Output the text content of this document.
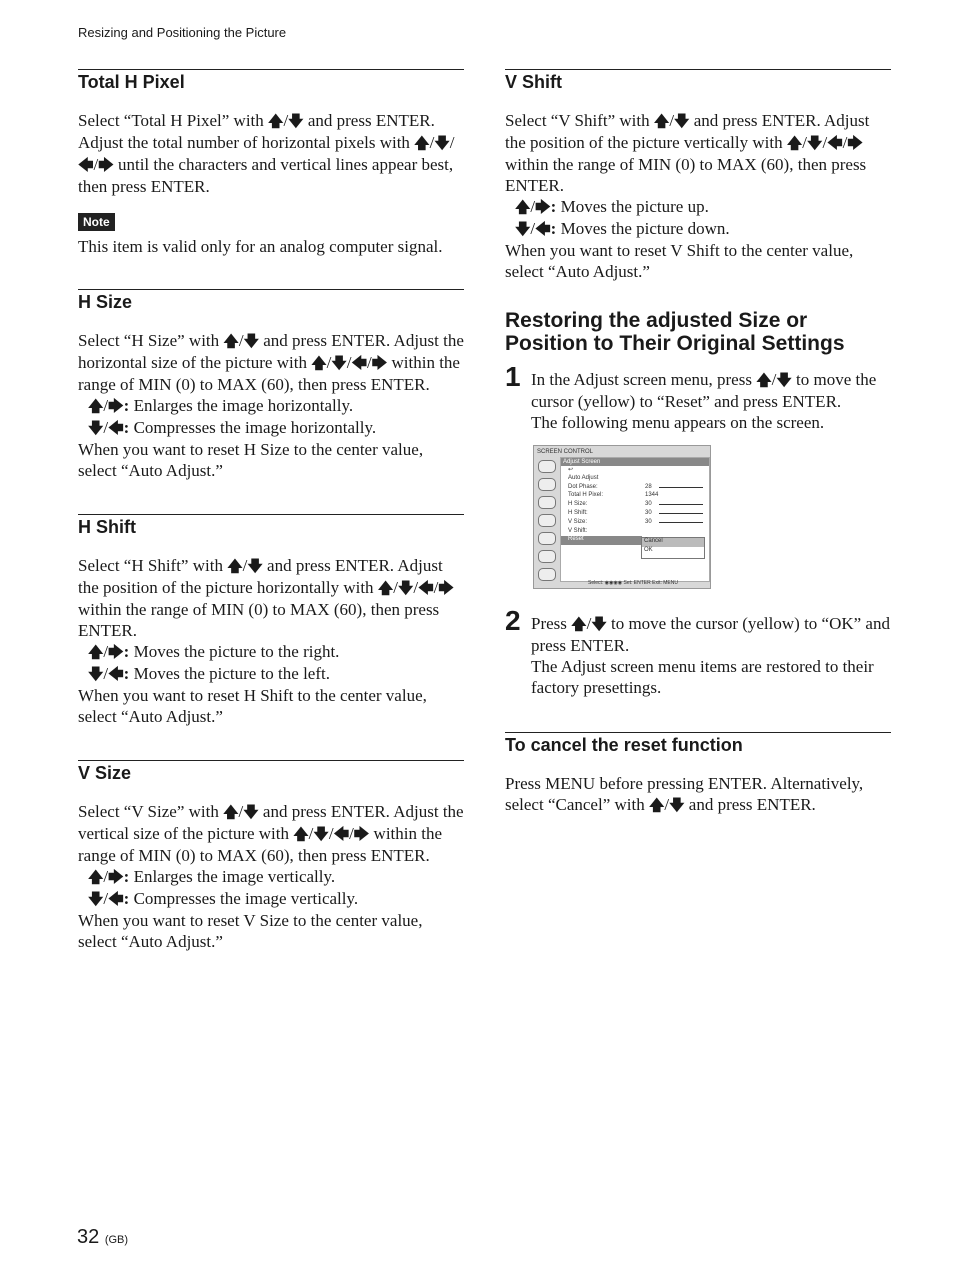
Resizing and Positioning the Picture
Total H Pixel

Select “Total H Pixel” with 🡅/🡇 and press ENTER. Adjust the total number of horizontal pixels with 🡅/🡇/🡄/🡆 until the characters and vertical lines appear best, then press ENTER.

Note

This item is valid only for an analog computer signal.

H Size

Select “H Size” with 🡅/🡇 and press ENTER. Adjust the horizontal size of the picture with 🡅/🡇/🡄/🡆 within the range of MIN (0) to MAX (60), then press ENTER.

🡅/🡆: Enlarges the image horizontally.
🡇/🡄: Compresses the image horizontally.

When you want to reset H Size to the center value, select “Auto Adjust.”

H Shift

Select “H Shift” with 🡅/🡇 and press ENTER. Adjust the position of the picture horizontally with 🡅/🡇/🡄/🡆 within the range of MIN (0) to MAX (60), then press ENTER.

🡅/🡆: Moves the picture to the right.
🡇/🡄: Moves the picture to the left.

When you want to reset H Shift to the center value, select “Auto Adjust.”

V Size

Select “V Size” with 🡅/🡇 and press ENTER. Adjust the vertical size of the picture with 🡅/🡇/🡄/🡆 within the range of MIN (0) to MAX (60), then press ENTER.

🡅/🡆: Enlarges the image vertically.
🡇/🡄: Compresses the image vertically.

When you want to reset V Size to the center value, select “Auto Adjust.”

V Shift

Select “V Shift” with 🡅/🡇 and press ENTER. Adjust the position of the picture vertically with 🡅/🡇/🡄/🡆 within the range of MIN (0) to MAX (60), then press ENTER.

🡅/🡆: Moves the picture up.
🡇/🡄: Moves the picture down.

When you want to reset V Shift to the center value, select “Auto Adjust.”

Restoring the adjusted Size or
Position to Their Original Settings
1 In the Adjust screen menu, press 🡅/🡇 to move the cursor (yellow) to “Reset” and press ENTER.

The following menu appears on the screen.

SCREEN CONTROL
Adjust Screen
↩
Auto Adjust
Dot Phase:	28
Total H Pixel:	1344
H Size:	30
H Shift:	30
V Size:	30
V Shift:
Reset	Cancel
OK
Select: ◉◉◉◉ Set: ENTER Exit: MENU
2 Press 🡅/🡇 to move the cursor (yellow) to “OK” and press ENTER.

The Adjust screen menu items are restored to their factory presettings.

To cancel the reset function

Press MENU before pressing ENTER. Alternatively, select “Cancel” with 🡅/🡇 and press ENTER.

32 (GB)
